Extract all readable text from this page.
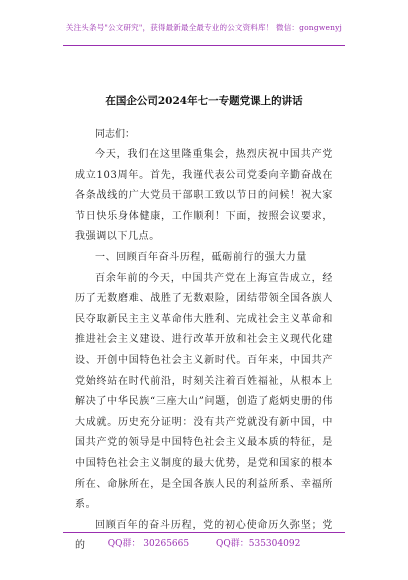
关注头条号"公文研究"，获得最新最全最专业的公文资料库！ 微信：gongwenyj
在国企公司2024年七一专题党课上的讲话
同志们：

今天，我们在这里隆重集会，热烈庆祝中国共产党成立103周年。首先，我谨代表公司党委向辛勤奋战在各条战线的广大党员干部职工致以节日的问候！祝大家节日快乐身体健康，工作顺利！下面，按照会议要求，我强调以下几点。

一、回顾百年奋斗历程，砥砺前行的强大力量

百余年前的今天，中国共产党在上海宣告成立，经历了无数磨难、战胜了无数艰险，团结带领全国各族人民夺取新民主主义革命伟大胜利、完成社会主义革命和推进社会主义建设、进行改革开放和社会主义现代化建设、开创中国特色社会主义新时代。百年来，中国共产党始终站在时代前沿，时刻关注着百姓福祉，从根本上解决了中华民族“三座大山”问题，创造了彪炳史册的伟大成就。历史充分证明：没有共产党就没有新中国，中国共产党的领导是中国特色社会主义最本质的特征，是中国特色社会主义制度的最大优势，是党和国家的根本所在、命脉所在，是全国各族人民的利益所系、幸福所系。

回顾百年的奋斗历程，党的初心使命历久弥坚；党的	QQ群： 30265665	QQ群：535304092
